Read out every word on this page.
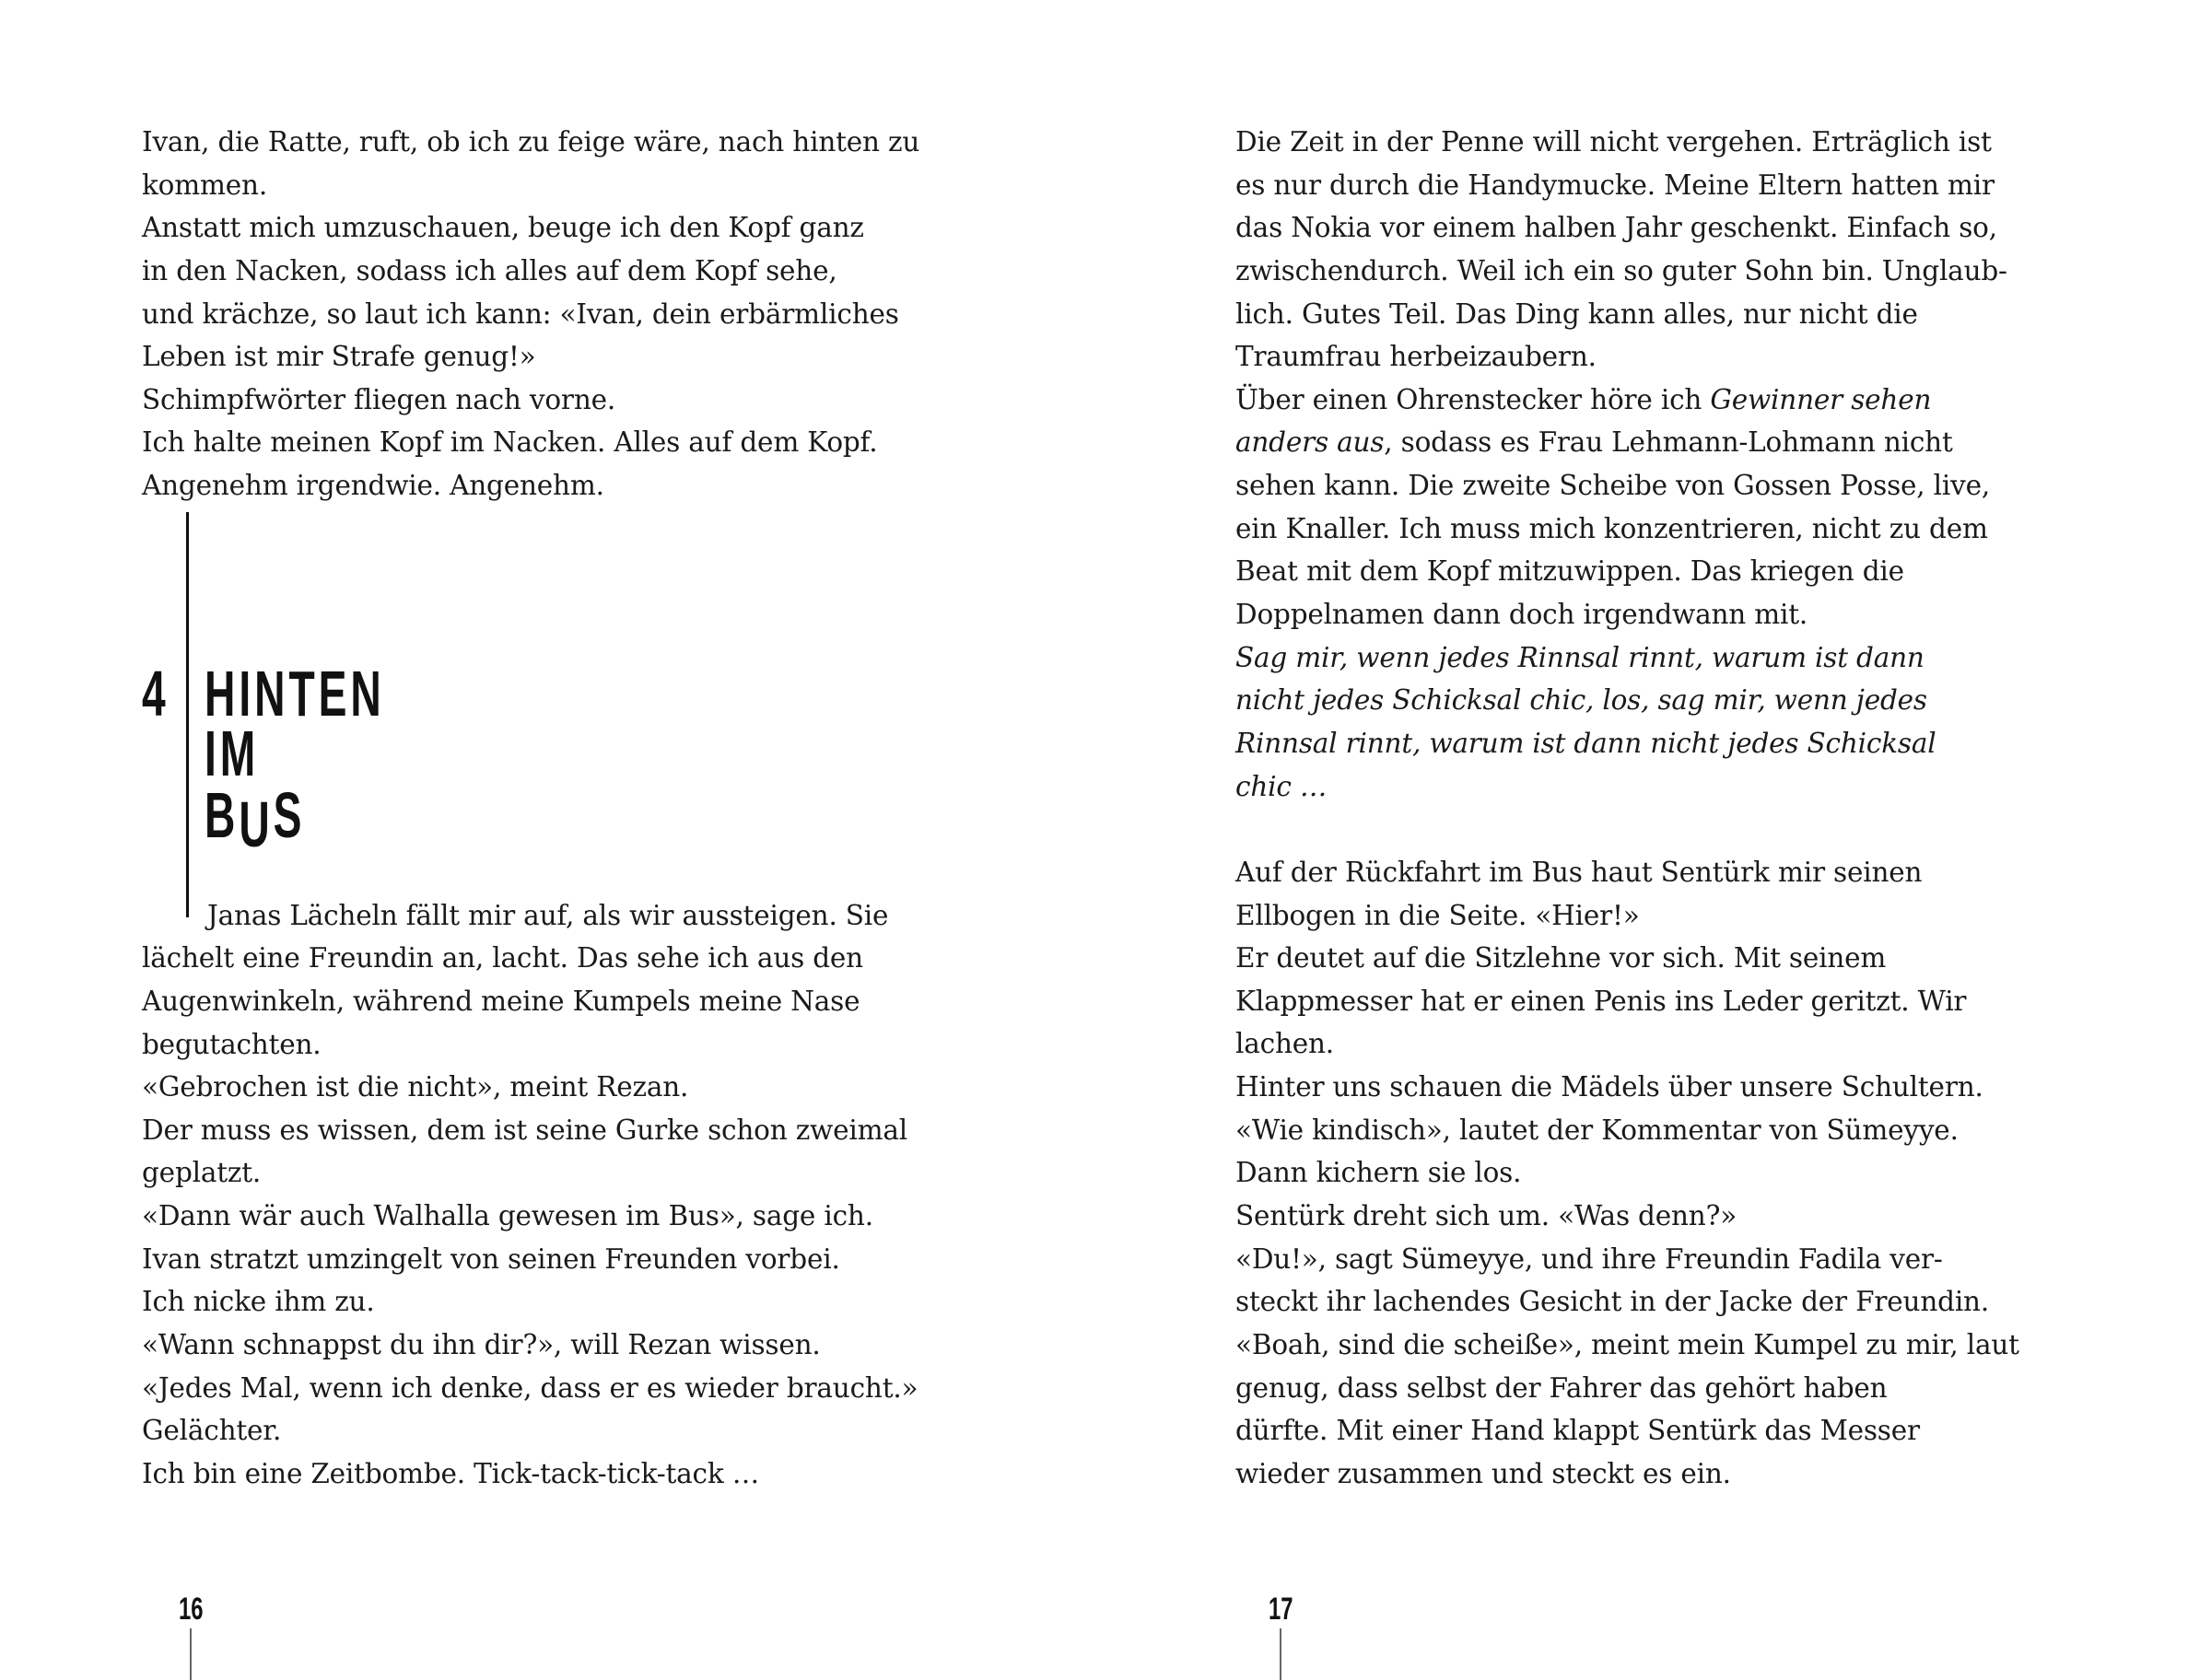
Ivan, die Ratte, ruft, ob ich zu feige wäre, nach hinten zu
kommen.
Anstatt mich umzuschauen, beuge ich den Kopf ganz
in den Nacken, sodass ich alles auf dem Kopf sehe,
und krächze, so laut ich kann: «Ivan, dein erbärmliches
Leben ist mir Strafe genug!»
Schimpfwörter fliegen nach vorne.
Ich halte meinen Kopf im Nacken. Alles auf dem Kopf.
Angenehm irgendwie. Angenehm.
Janas Lächeln fällt mir auf, als wir aussteigen. Sie
lächelt eine Freundin an, lacht. Das sehe ich aus den
Augenwinkeln, während meine Kumpels meine Nase
begutachten.
«Gebrochen ist die nicht», meint Rezan.
Der muss es wissen, dem ist seine Gurke schon zweimal
geplatzt.
«Dann wär auch Walhalla gewesen im Bus», sage ich.
Ivan stratzt umzingelt von seinen Freunden vorbei.
Ich nicke ihm zu.
«Wann schnappst du ihn dir?», will Rezan wissen.
«Jedes Mal, wenn ich denke, dass er es wieder braucht.»
Gelächter.
Ich bin eine Zeitbombe. Tick-tack-tick-tack …
Die Zeit in der Penne will nicht vergehen. Erträglich ist
es nur durch die Handymucke. Meine Eltern hatten mir
das Nokia vor einem halben Jahr geschenkt. Einfach so,
zwischendurch. Weil ich ein so guter Sohn bin. Unglaub-
lich. Gutes Teil. Das Ding kann alles, nur nicht die
Traumfrau herbeizaubern.
Über einen Ohrenstecker höre ich Gewinner sehen
anders aus, sodass es Frau Lehmann-Lohmann nicht
sehen kann. Die zweite Scheibe von Gossen Posse, live,
ein Knaller. Ich muss mich konzentrieren, nicht zu dem
Beat mit dem Kopf mitzuwippen. Das kriegen die
Doppelnamen dann doch irgendwann mit.
Sag mir, wenn jedes Rinnsal rinnt, warum ist dann
nicht jedes Schicksal chic, los, sag mir, wenn jedes
Rinnsal rinnt, warum ist dann nicht jedes Schicksal
chic …
Auf der Rückfahrt im Bus haut Sentürk mir seinen
Ellbogen in die Seite. «Hier!»
Er deutet auf die Sitzlehne vor sich. Mit seinem
Klappmesser hat er einen Penis ins Leder geritzt. Wir
lachen.
Hinter uns schauen die Mädels über unsere Schultern.
«Wie kindisch», lautet der Kommentar von Sümeyye.
Dann kichern sie los.
Sentürk dreht sich um. «Was denn?»
«Du!», sagt Sümeyye, und ihre Freundin Fadila ver-
steckt ihr lachendes Gesicht in der Jacke der Freundin.
«Boah, sind die scheiße», meint mein Kumpel zu mir, laut
genug, dass selbst der Fahrer das gehört haben
dürfte. Mit einer Hand klappt Sentürk das Messer
wieder zusammen und steckt es ein.
4 HINTEN
IM
BUS
16	17
